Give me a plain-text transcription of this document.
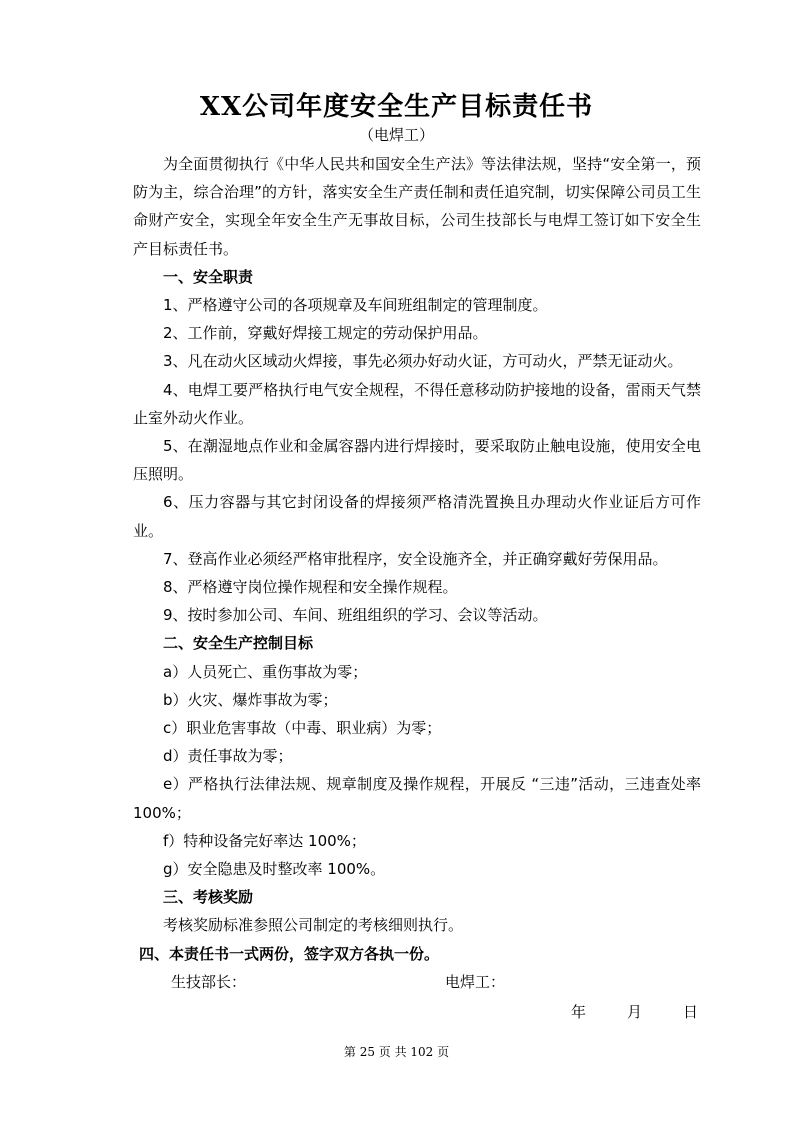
XX公司年度安全生产目标责任书
（电焊工）

为全面贯彻执行《中华人民共和国安全生产法》等法律法规，坚持“安全第一，预防为主，综合治理”的方针，落实安全生产责任制和责任追究制，切实保障公司员工生命财产安全，实现全年安全生产无事故目标，公司生技部长与电焊工签订如下安全生产目标责任书。

一、安全职责

1、严格遵守公司的各项规章及车间班组制定的管理制度。

2、工作前，穿戴好焊接工规定的劳动保护用品。

3、凡在动火区域动火焊接，事先必须办好动火证，方可动火，严禁无证动火。

4、电焊工要严格执行电气安全规程，不得任意移动防护接地的设备，雷雨天气禁止室外动火作业。

5、在潮湿地点作业和金属容器内进行焊接时，要采取防止触电设施，使用安全电压照明。

6、压力容器与其它封闭设备的焊接须严格清洗置换且办理动火作业证后方可作业。

7、登高作业必须经严格审批程序，安全设施齐全，并正确穿戴好劳保用品。

8、严格遵守岗位操作规程和安全操作规程。

9、按时参加公司、车间、班组组织的学习、会议等活动。

二、安全生产控制目标

a）人员死亡、重伤事故为零；

b）火灾、爆炸事故为零；

c）职业危害事故（中毒、职业病）为零；

d）责任事故为零；

e）严格执行法律法规、规章制度及操作规程，开展反 “三违”活动，三违查处率 100%；

f）特种设备完好率达 100%；

g）安全隐患及时整改率 100%。

三、考核奖励

考核奖励标准参照公司制定的考核细则执行。

四、本责任书一式两份，签字双方各执一份。

生技部长：	电焊工：
年	月	日
第 25 页 共 102 页
